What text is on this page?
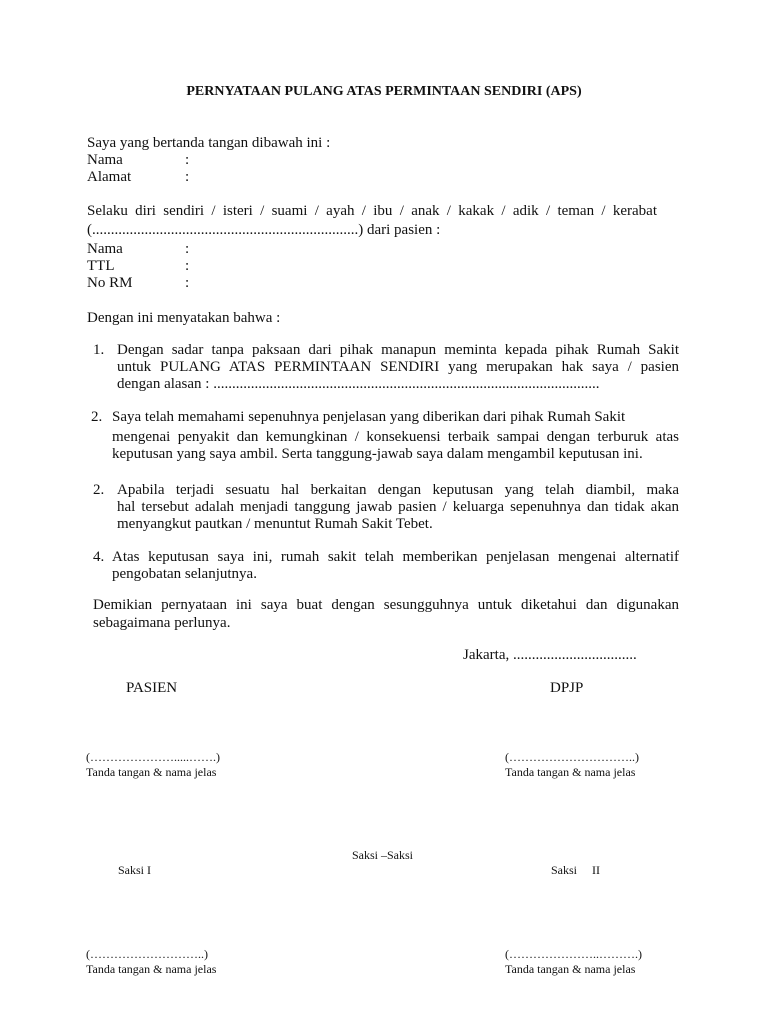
PERNYATAAN PULANG ATAS PERMINTAAN SENDIRI (APS)
Saya yang bertanda tangan dibawah ini :
Nama	:
Alamat	:
Selaku diri sendiri / isteri / suami / ayah / ibu / anak / kakak / adik / teman / kerabat
(.......................................................................) dari pasien :
Nama	:
TTL	:
No RM	:
Dengan ini menyatakan bahwa :
1. Dengan sadar tanpa paksaan dari pihak manapun meminta kepada pihak Rumah Sakit
untuk PULANG ATAS PERMINTAAN SENDIRI yang merupakan hak saya / pasien
dengan alasan : .......................................................................................................
2. Saya telah memahami sepenuhnya penjelasan yang diberikan dari pihak Rumah Sakit
mengenai penyakit dan kemungkinan / konsekuensi terbaik sampai dengan terburuk atas
keputusan yang saya ambil. Serta tanggung-jawab saya dalam mengambil keputusan ini.
2. Apabila terjadi sesuatu hal berkaitan dengan keputusan yang telah diambil, maka
hal tersebut adalah menjadi tanggung jawab pasien / keluarga sepenuhnya dan tidak akan
menyangkut pautkan / menuntut Rumah Sakit Tebet.
4. Atas keputusan saya ini, rumah sakit telah memberikan penjelasan mengenai alternatif
pengobatan selanjutnya.
Demikian pernyataan ini saya buat dengan sesungguhnya untuk diketahui dan digunakan
sebagaimana perlunya.
Jakarta, .................................
PASIEN
(………………….....…….)
Tanda tangan & nama jelas
DPJP
(…………………………..)
Tanda tangan & nama jelas
Saksi –Saksi
Saksi I
(………………………..)
Tanda tangan & nama jelas
Saksi     II
(…………………..……….)
Tanda tangan & nama jelas
